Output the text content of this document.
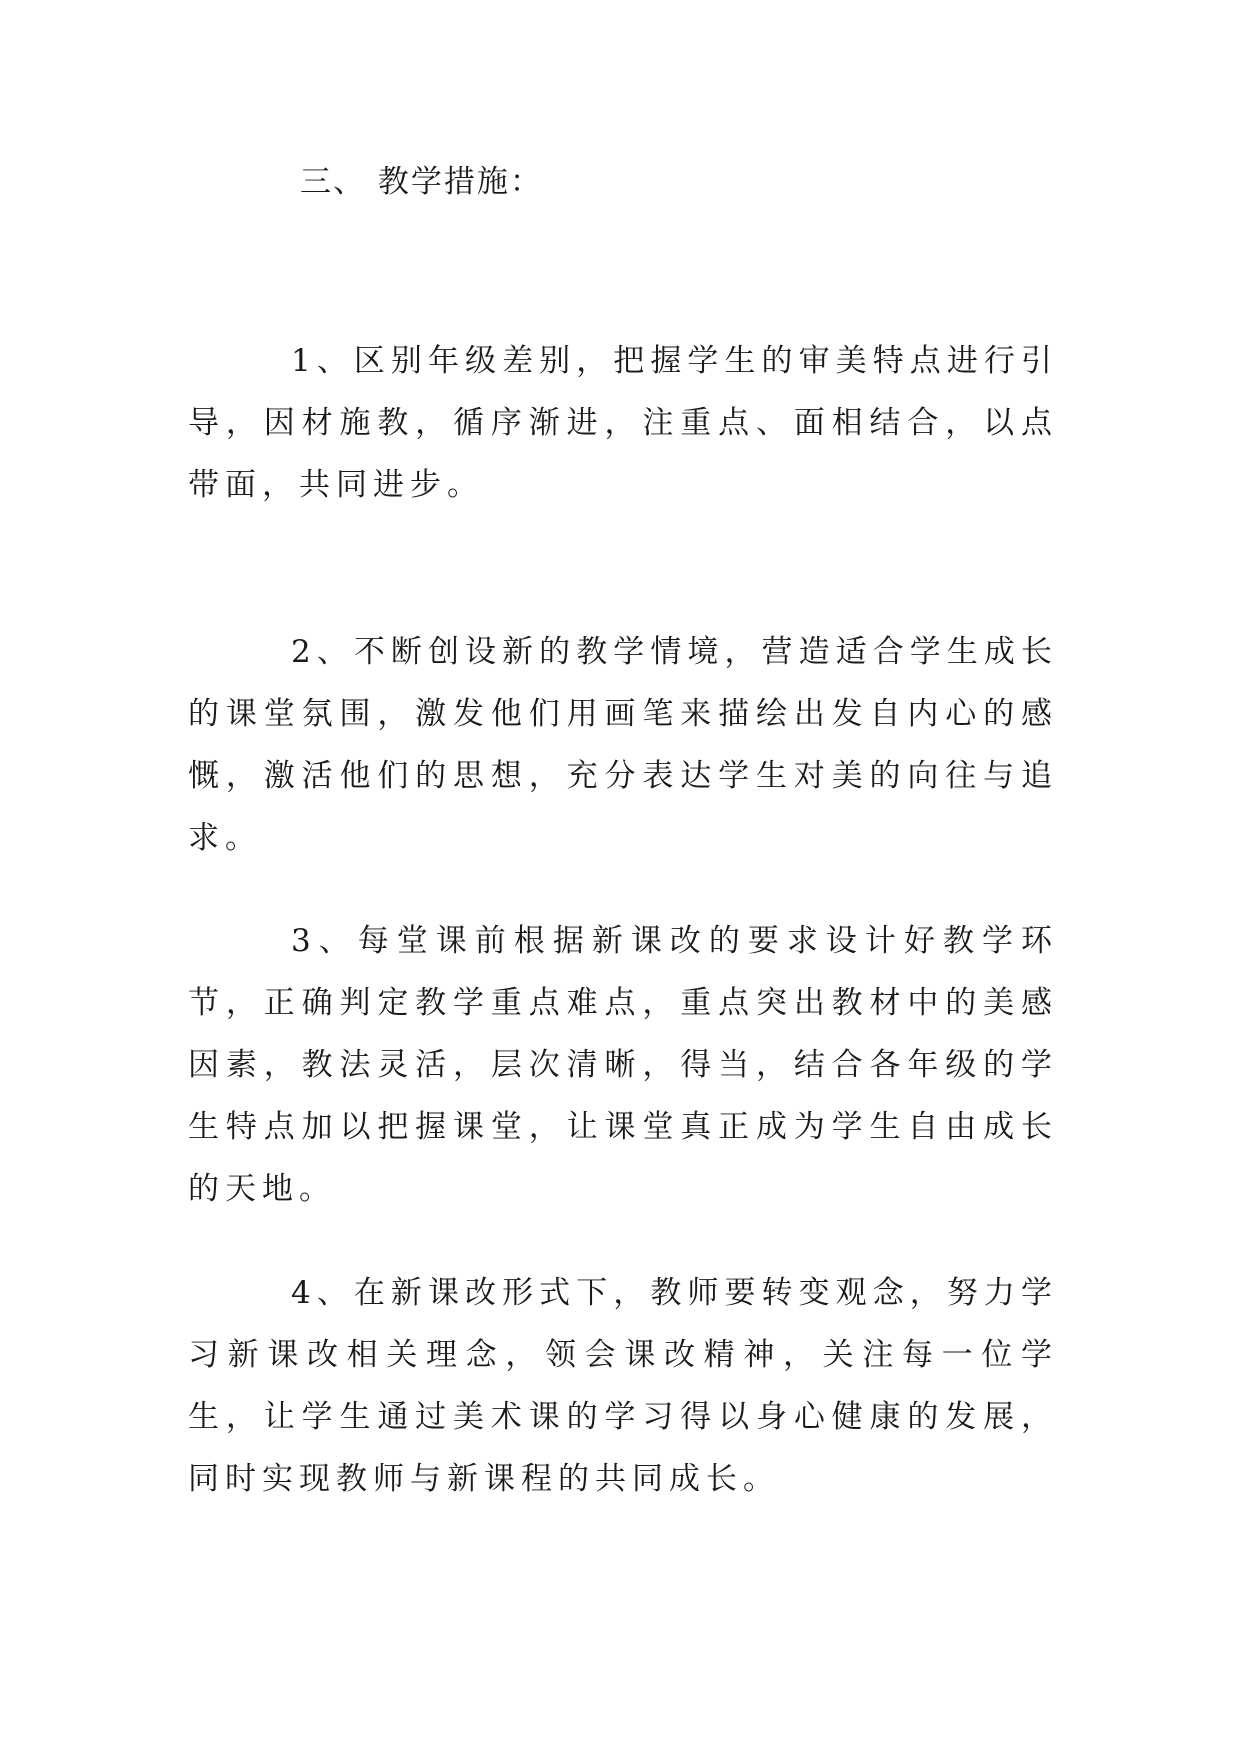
三、 教学措施：

1、区别年级差别，把握学生的审美特点进行引导，因材施教，循序渐进，注重点、面相结合，以点带面，共同进步。

2、不断创设新的教学情境，营造适合学生成长的课堂氛围，激发他们用画笔来描绘出发自内心的感慨，激活他们的思想，充分表达学生对美的向往与追求。

3、每堂课前根据新课改的要求设计好教学环节，正确判定教学重点难点，重点突出教材中的美感因素，教法灵活，层次清晰，得当，结合各年级的学生特点加以把握课堂，让课堂真正成为学生自由成长的天地。

4、在新课改形式下，教师要转变观念，努力学习新课改相关理念，领会课改精神，关注每一位学生，让学生通过美术课的学习得以身心健康的发展，同时实现教师与新课程的共同成长。
